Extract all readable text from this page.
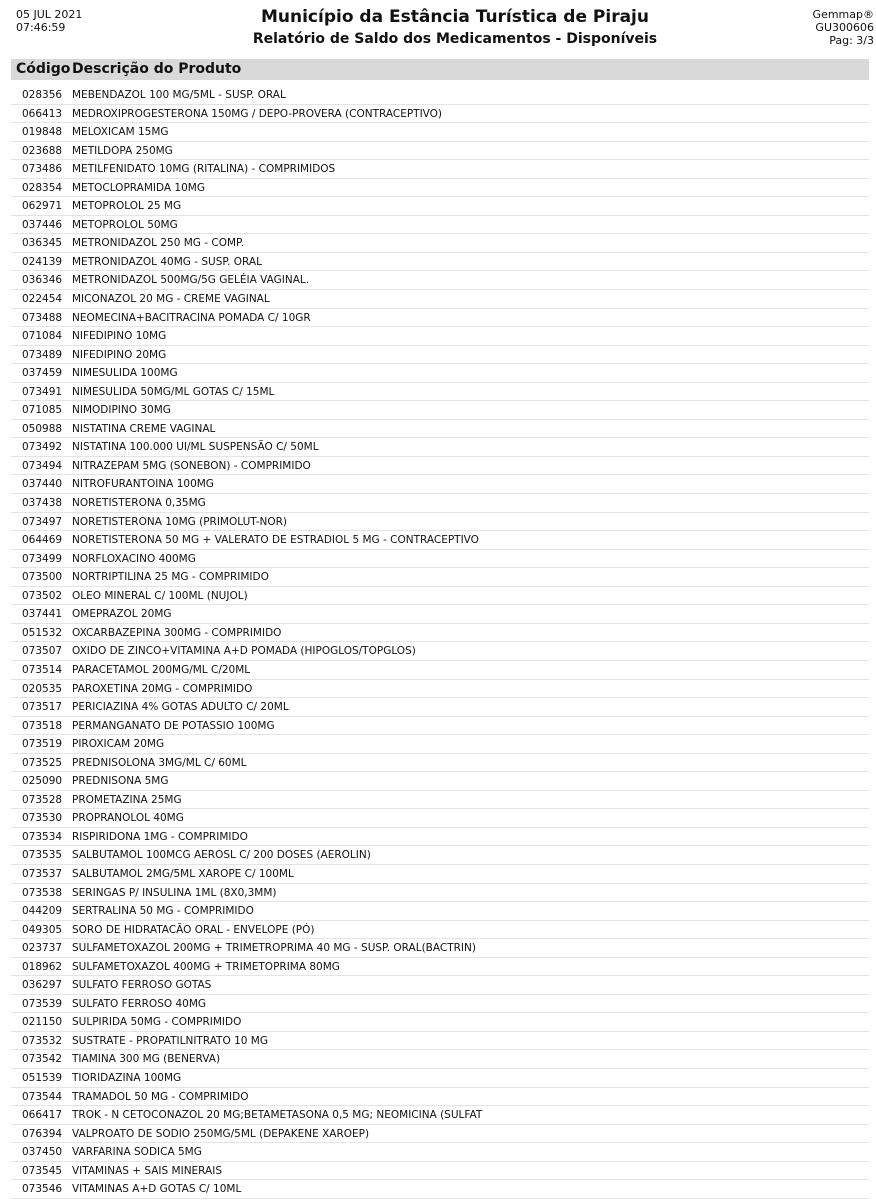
05 JUL 2021
07:46:59
Município da Estância Turística de Piraju
Relatório de Saldo dos Medicamentos - Disponíveis
Gemmap®
GU300606
Pag: 3/3
Código Descrição do Produto
028356 MEBENDAZOL 100 MG/5ML - SUSP. ORAL
066413 MEDROXIPROGESTERONA 150MG / DEPO-PROVERA (CONTRACEPTIVO)
019848 MELOXICAM 15MG
023688 METILDOPA 250MG
073486 METILFENIDATO 10MG (RITALINA) - COMPRIMIDOS
028354 METOCLOPRAMIDA 10MG
062971 METOPROLOL 25 MG
037446 METOPROLOL 50MG
036345 METRONIDAZOL 250 MG - COMP.
024139 METRONIDAZOL 40MG - SUSP. ORAL
036346 METRONIDAZOL 500MG/5G GELÉIA VAGINAL.
022454 MICONAZOL 20 MG - CREME VAGINAL
073488 NEOMECINA+BACITRACINA POMADA C/ 10GR
071084 NIFEDIPINO 10MG
073489 NIFEDIPINO 20MG
037459 NIMESULIDA 100MG
073491 NIMESULIDA 50MG/ML GOTAS C/ 15ML
071085 NIMODIPINO 30MG
050988 NISTATINA CREME VAGINAL
073492 NISTATINA 100.000 UI/ML SUSPENSÃO C/ 50ML
073494 NITRAZEPAM 5MG (SONEBON) - COMPRIMIDO
037440 NITROFURANTOINA 100MG
037438 NORETISTERONA 0,35MG
073497 NORETISTERONA 10MG (PRIMOLUT-NOR)
064469 NORETISTERONA 50 MG + VALERATO DE ESTRADIOL 5 MG - CONTRACEPTIVO
073499 NORFLOXACINO 400MG
073500 NORTRIPTILINA 25 MG - COMPRIMIDO
073502 OLEO MINERAL C/ 100ML (NUJOL)
037441 OMEPRAZOL 20MG
051532 OXCARBAZEPINA 300MG - COMPRIMIDO
073507 OXIDO DE ZINCO+VITAMINA A+D POMADA (HIPOGLOS/TOPGLOS)
073514 PARACETAMOL 200MG/ML C/20ML
020535 PAROXETINA 20MG - COMPRIMIDO
073517 PERICIAZINA 4% GOTAS ADULTO C/ 20ML
073518 PERMANGANATO DE POTASSIO 100MG
073519 PIROXICAM 20MG
073525 PREDNISOLONA 3MG/ML C/ 60ML
025090 PREDNISONA 5MG
073528 PROMETAZINA 25MG
073530 PROPRANOLOL 40MG
073534 RISPIRIDONA 1MG - COMPRIMIDO
073535 SALBUTAMOL 100MCG AEROSL C/ 200 DOSES (AEROLIN)
073537 SALBUTAMOL 2MG/5ML XAROPE C/ 100ML
073538 SERINGAS P/ INSULINA 1ML (8X0,3MM)
044209 SERTRALINA 50 MG - COMPRIMIDO
049305 SORO DE HIDRATACÃO ORAL - ENVELOPE (PÓ)
023737 SULFAMETOXAZOL 200MG + TRIMETROPRIMA 40 MG - SUSP. ORAL(BACTRIN)
018962 SULFAMETOXAZOL 400MG + TRIMETOPRIMA 80MG
036297 SULFATO FERROSO GOTAS
073539 SULFATO FERROSO 40MG
021150 SULPIRIDA 50MG - COMPRIMIDO
073532 SUSTRATE - PROPATILNITRATO 10 MG
073542 TIAMINA 300 MG (BENERVA)
051539 TIORIDAZINA 100MG
073544 TRAMADOL 50 MG - COMPRIMIDO
066417 TROK - N CETOCONAZOL 20 MG;BETAMETASONA 0,5 MG; NEOMICINA (SULFAT
076394 VALPROATO DE SODIO 250MG/5ML (DEPAKENE XAROEP)
037450 VARFARINA SODICA 5MG
073545 VITAMINAS + SAIS MINERAIS
073546 VITAMINAS A+D GOTAS C/ 10ML
